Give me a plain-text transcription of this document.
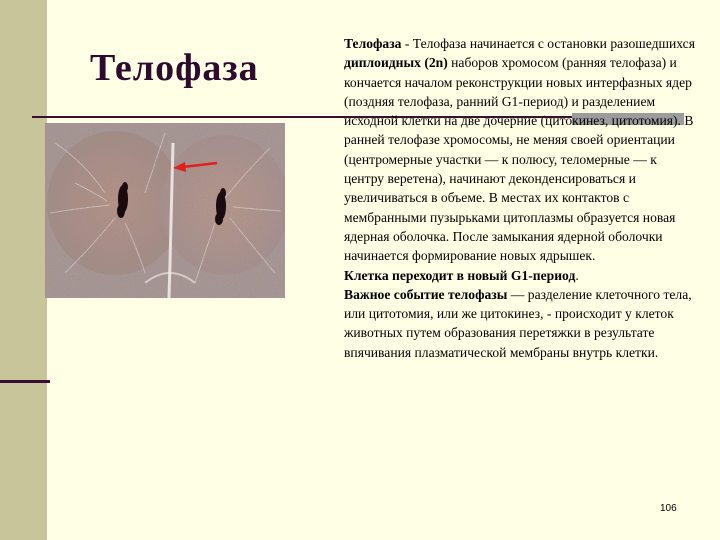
Телофаза

Телофаза - Телофаза начинается с остановки разошедшихся диплоидных (2n) наборов хромосом (ранняя телофаза) и кончается началом реконструкции новых интерфазных ядер (поздняя телофаза, ранний G1-период) и разделением исходной клетки на две дочерние (цитокинез, цитотомия). В ранней телофазе хромосомы, не меняя своей ориентации (центромерные участки — к полюсу, теломерные — к центру веретена), начинают деконденсироваться и увеличиваться в объеме. В местах их контактов с мембранными пузырьками цитоплазмы образуется новая ядерная оболочка. После замыкания ядерной оболочки начинается формирование новых ядрышек.

Клетка переходит в новый G1-период.

Важное событие телофазы — разделение клеточного тела, или цитотомия, или же цитокинез, - происходит у клеток животных путем образования перетяжки в результате впячивания плазматической мембраны внутрь клетки.

106
